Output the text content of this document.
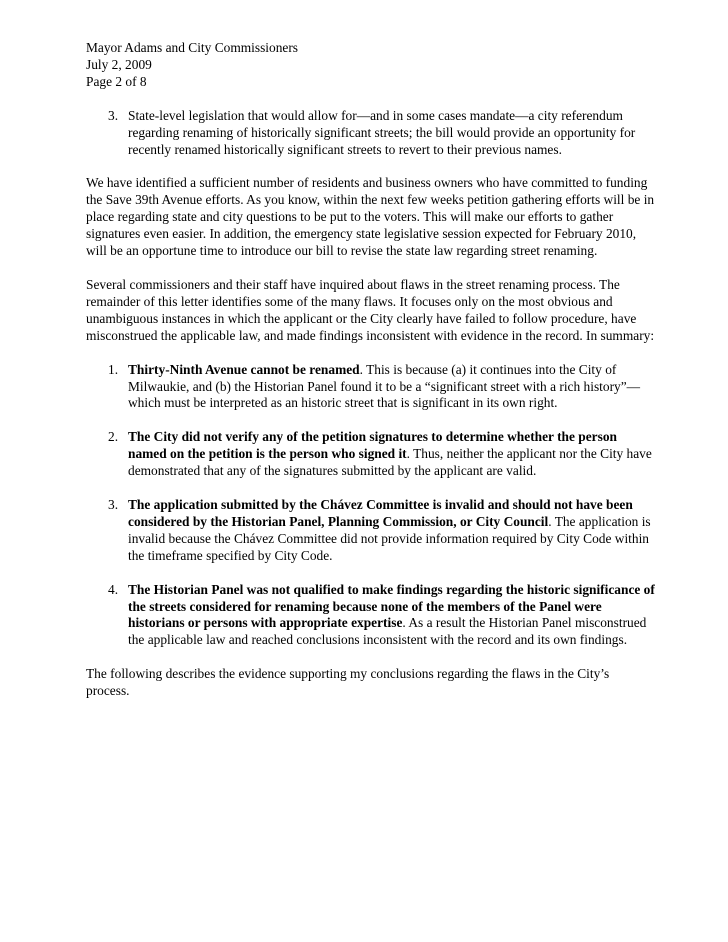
Mayor Adams and City Commissioners
July 2, 2009
Page 2 of 8
3. State-level legislation that would allow for—and in some cases mandate—a city referendum regarding renaming of historically significant streets; the bill would provide an opportunity for recently renamed historically significant streets to revert to their previous names.

We have identified a sufficient number of residents and business owners who have committed to funding the Save 39th Avenue efforts. As you know, within the next few weeks petition gathering efforts will be in place regarding state and city questions to be put to the voters. This will make our efforts to gather signatures even easier. In addition, the emergency state legislative session expected for February 2010, will be an opportune time to introduce our bill to revise the state law regarding street renaming.

Several commissioners and their staff have inquired about flaws in the street renaming process. The remainder of this letter identifies some of the many flaws. It focuses only on the most obvious and unambiguous instances in which the applicant or the City clearly have failed to follow procedure, have misconstrued the applicable law, and made findings inconsistent with evidence in the record. In summary:

1. Thirty-Ninth Avenue cannot be renamed. This is because (a) it continues into the City of Milwaukie, and (b) the Historian Panel found it to be a “significant street with a rich history”—which must be interpreted as an historic street that is significant in its own right.
2. The City did not verify any of the petition signatures to determine whether the person named on the petition is the person who signed it. Thus, neither the applicant nor the City have demonstrated that any of the signatures submitted by the applicant are valid.
3. The application submitted by the Chávez Committee is invalid and should not have been considered by the Historian Panel, Planning Commission, or City Council. The application is invalid because the Chávez Committee did not provide information required by City Code within the timeframe specified by City Code.
4. The Historian Panel was not qualified to make findings regarding the historic significance of the streets considered for renaming because none of the members of the Panel were historians or persons with appropriate expertise. As a result the Historian Panel misconstrued the applicable law and reached conclusions inconsistent with the record and its own findings.

The following describes the evidence supporting my conclusions regarding the flaws in the City’s process.
